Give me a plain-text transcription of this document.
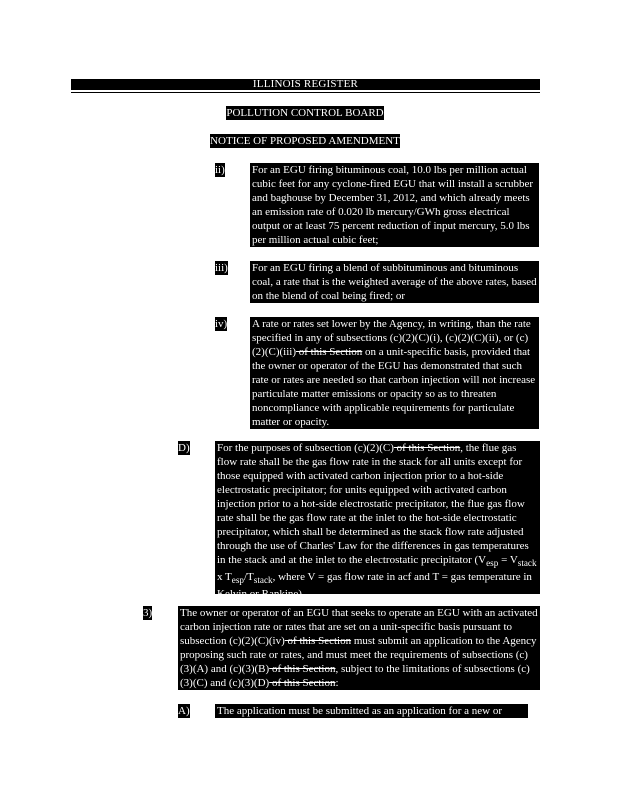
ILLINOIS REGISTER
POLLUTION CONTROL BOARD
NOTICE OF PROPOSED AMENDMENT
ii) For an EGU firing bituminous coal, 10.0 lbs per million actual cubic feet for any cyclone-fired EGU that will install a scrubber and baghouse by December 31, 2012, and which already meets an emission rate of 0.020 lb mercury/GWh gross electrical output or at least 75 percent reduction of input mercury, 5.0 lbs per million actual cubic feet;
iii) For an EGU firing a blend of subbituminous and bituminous coal, a rate that is the weighted average of the above rates, based on the blend of coal being fired; or
iv) A rate or rates set lower by the Agency, in writing, than the rate specified in any of subsections (c)(2)(C)(i), (c)(2)(C)(ii), or (c)(2)(C)(iii) of this Section on a unit-specific basis, provided that the owner or operator of the EGU has demonstrated that such rate or rates are needed so that carbon injection will not increase particulate matter emissions or opacity so as to threaten noncompliance with applicable requirements for particulate matter or opacity.
D) For the purposes of subsection (c)(2)(C) of this Section, the flue gas flow rate shall be the gas flow rate in the stack for all units except for those equipped with activated carbon injection prior to a hot-side electrostatic precipitator; for units equipped with activated carbon injection prior to a hot-side electrostatic precipitator, the flue gas flow rate shall be the gas flow rate at the inlet to the hot-side electrostatic precipitator, which shall be determined as the stack flow rate adjusted through the use of Charles' Law for the differences in gas temperatures in the stack and at the inlet to the electrostatic precipitator ($V_{esp} = V_{stack}$ x $T_{esp}/T_{stack}$, where V = gas flow rate in acf and T = gas temperature in Kelvin or Rankine).
3)	The owner or operator of an EGU that seeks to operate an EGU with an activated carbon injection rate or rates that are set on a unit-specific basis pursuant to subsection (c)(2)(C)(iv) of this Section must submit an application to the Agency proposing such rate or rates, and must meet the requirements of subsections (c)(3)(A) and (c)(3)(B) of this Section, subject to the limitations of subsections (c)(3)(C) and (c)(3)(D) of this Section:
A) The application must be submitted as an application for a new or
